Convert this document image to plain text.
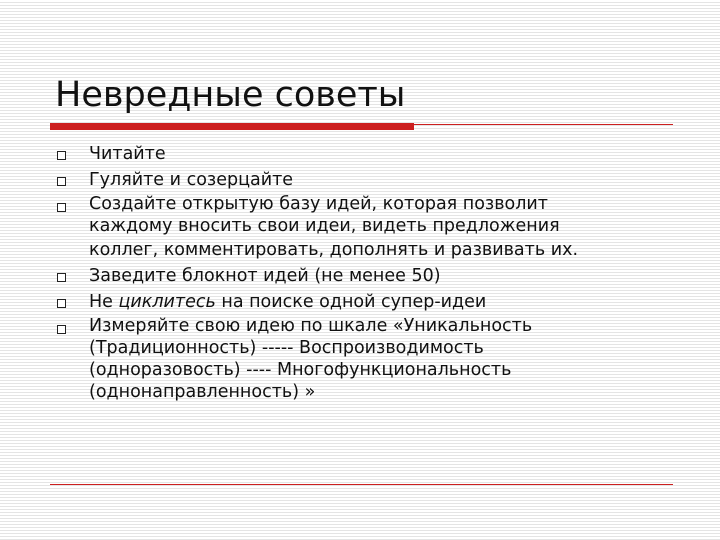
Невредные советы
Читайте
Гуляйте и созерцайте
Создайте открытую базу идей, которая позволит
каждому вносить свои идеи, видеть предложения
коллег, комментировать, дополнять и развивать их.
Заведите блокнот идей (не менее 50)
Не циклитесь на поиске одной супер-идеи
Измеряйте свою идею по шкале «Уникальность
(Традиционность) ----- Воспроизводимость
(одноразовость) ---- Многофункциональность
(однонаправленность) »
